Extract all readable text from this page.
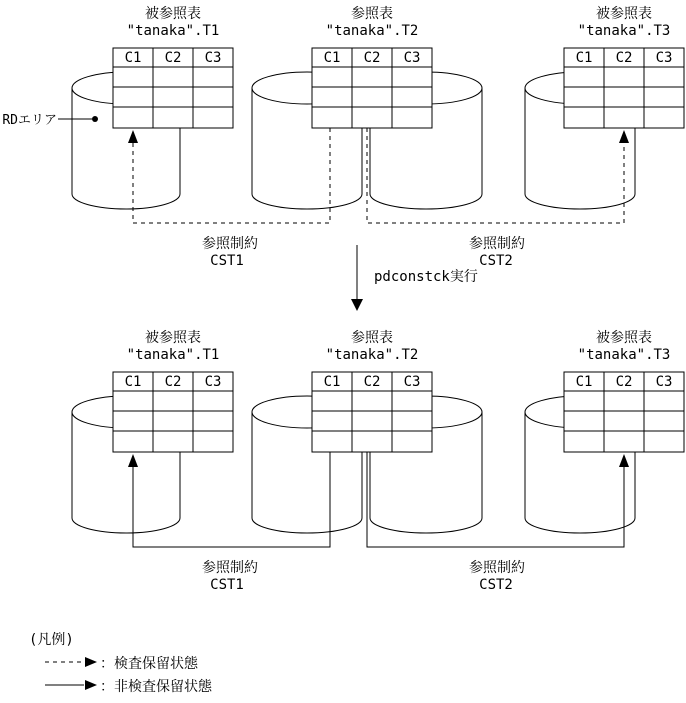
被参照表
"tanaka".T1
C1 C2 C3
参照表
"tanaka".T2
C1 C2 C3
被参照表
"tanaka".T3
C1 C2 C3
RDエリア
参照制約
CST1
参照制約
CST2
pdconstck実行
被参照表
"tanaka".T1
C1 C2 C3
参照表
"tanaka".T2
C1 C2 C3
被参照表
"tanaka".T3
C1 C2 C3
参照制約
CST1
参照制約
CST2
(凡例)
：検査保留状態
：非検査保留状態
